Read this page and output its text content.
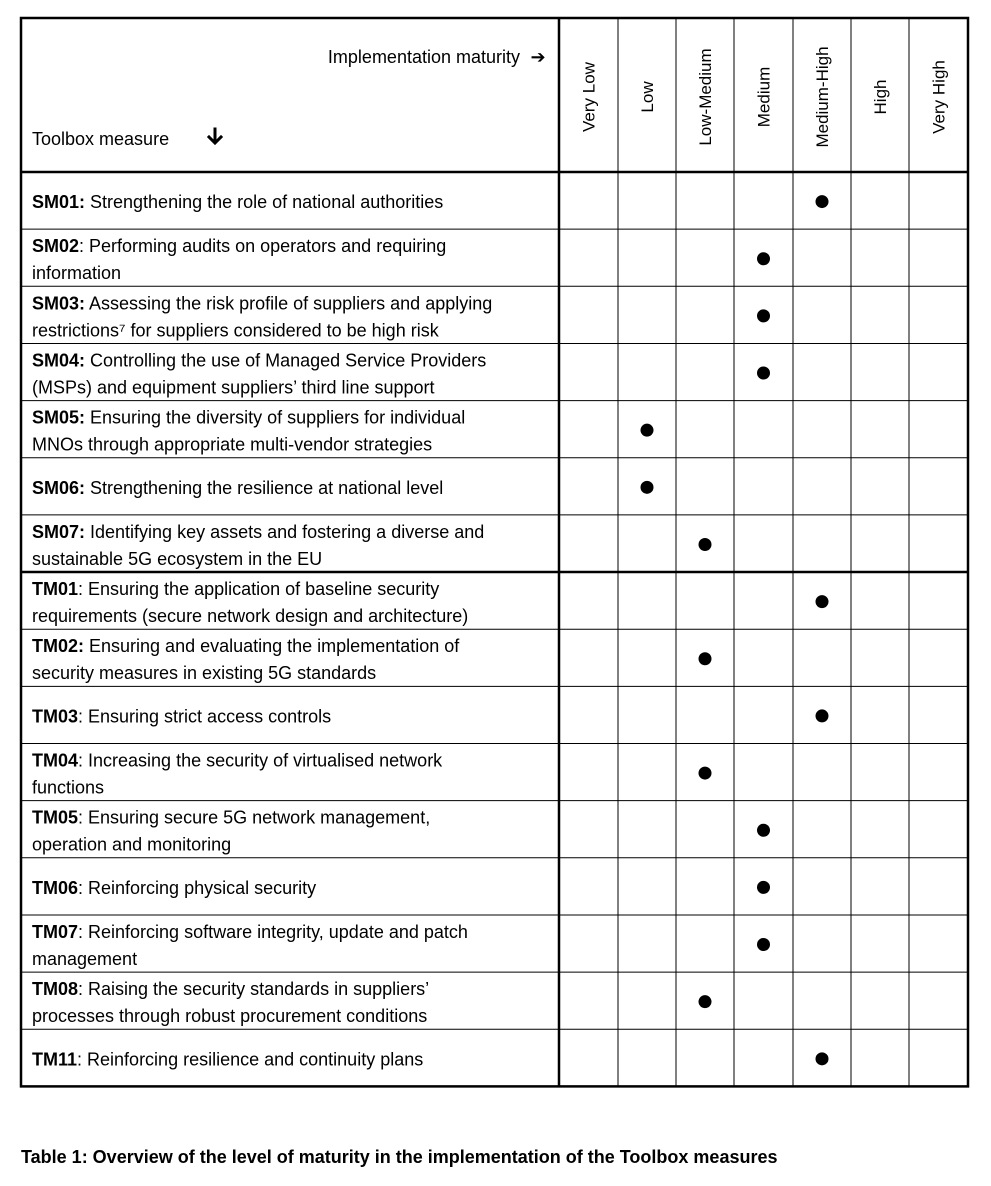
Implementation maturity ➔
Toolbox measure
Very Low Low Low-Medium Medium Medium-High High Very High
SM01: Strengthening the role of national authorities
SM02: Performing audits on operators and requiring
information
SM03: Assessing the risk profile of suppliers and applying
restrictions⁷ for suppliers considered to be high risk
SM04: Controlling the use of Managed Service Providers
(MSPs) and equipment suppliers’ third line support
SM05: Ensuring the diversity of suppliers for individual
MNOs through appropriate multi-vendor strategies
SM06: Strengthening the resilience at national level
SM07: Identifying key assets and fostering a diverse and
sustainable 5G ecosystem in the EU
TM01: Ensuring the application of baseline security
requirements (secure network design and architecture)
TM02: Ensuring and evaluating the implementation of
security measures in existing 5G standards
TM03: Ensuring strict access controls
TM04: Increasing the security of virtualised network
functions
TM05: Ensuring secure 5G network management,
operation and monitoring
TM06: Reinforcing physical security
TM07: Reinforcing software integrity, update and patch
management
TM08: Raising the security standards in suppliers’
processes through robust procurement conditions
TM11: Reinforcing resilience and continuity plans
Table 1: Overview of the level of maturity in the implementation of the Toolbox measures
